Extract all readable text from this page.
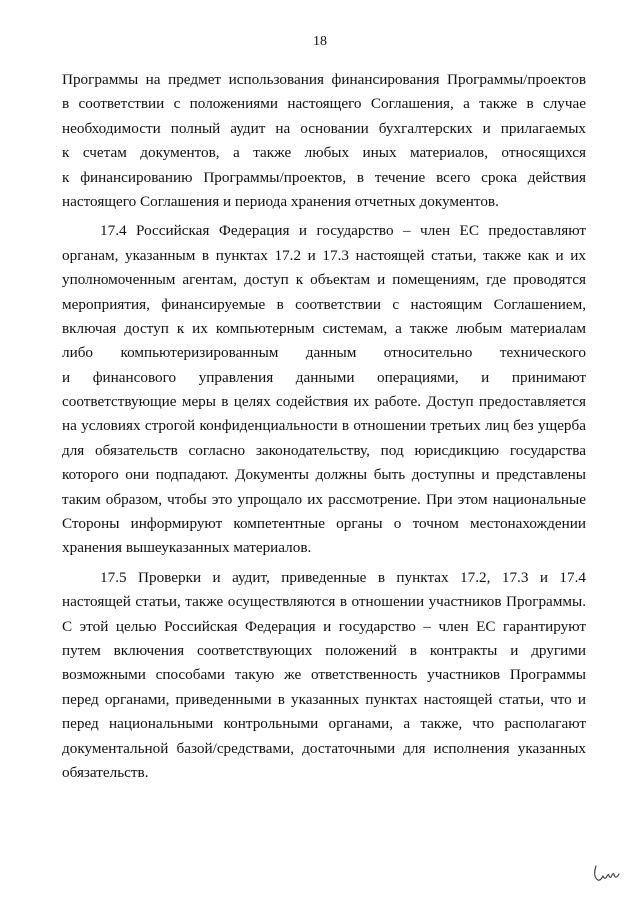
18
Программы на предмет использования финансирования Программы/проектов
в соответствии с положениями настоящего Соглашения, а также в случае
необходимости полный аудит на основании бухгалтерских и прилагаемых
к счетам документов, а также любых иных материалов, относящихся
к финансированию Программы/проектов, в течение всего срока действия
настоящего Соглашения и периода хранения отчетных документов.
17.4 Российская Федерация и государство – член ЕС предоставляют
органам, указанным в пунктах 17.2 и 17.3 настоящей статьи, также как и их
уполномоченным агентам, доступ к объектам и помещениям, где проводятся
мероприятия, финансируемые в соответствии с настоящим Соглашением,
включая доступ к их компьютерным системам, а также любым материалам
либо компьютеризированным данным относительно технического
и финансового управления данными операциями, и принимают
соответствующие меры в целях содействия их работе. Доступ предоставляется
на условиях строгой конфиденциальности в отношении третьих лиц без ущерба
для обязательств согласно законодательству, под юрисдикцию государства
которого они подпадают. Документы должны быть доступны и представлены
таким образом, чтобы это упрощало их рассмотрение. При этом национальные
Стороны информируют компетентные органы о точном местонахождении
хранения вышеуказанных материалов.
17.5 Проверки и аудит, приведенные в пунктах 17.2, 17.3 и 17.4
настоящей статьи, также осуществляются в отношении участников Программы.
С этой целью Российская Федерация и государство – член ЕС гарантируют
путем включения соответствующих положений в контракты и другими
возможными способами такую же ответственность участников Программы
перед органами, приведенными в указанных пунктах настоящей статьи, что и
перед национальными контрольными органами, а также, что располагают
документальной базой/средствами, достаточными для исполнения указанных
обязательств.
